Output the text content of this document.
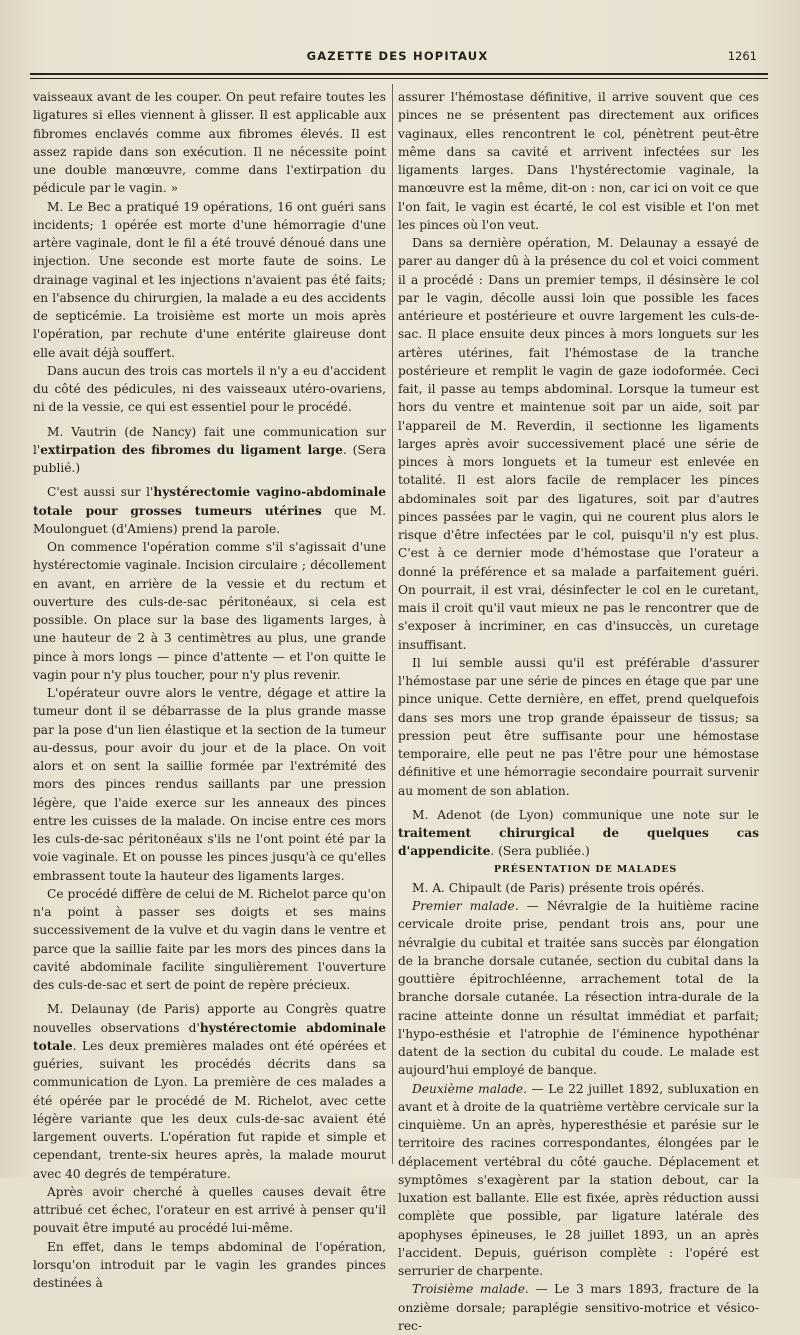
GAZETTE DES HOPITAUX	1261

vaisseaux avant de les couper. On peut refaire toutes les ligatures si elles viennent à glisser. Il est applicable aux fibromes enclavés comme aux fibromes élevés. Il est assez rapide dans son exécution. Il ne nécessite point une double manœuvre, comme dans l'extirpation du pédicule par le vagin. »

M. Le Bec a pratiqué 19 opérations, 16 ont guéri sans incidents; 1 opérée est morte d'une hémorragie d'une artère vaginale, dont le fil a été trouvé dénoué dans une injection. Une seconde est morte faute de soins. Le drainage vaginal et les injections n'avaient pas été faits; en l'absence du chirurgien, la malade a eu des accidents de septicémie. La troisième est morte un mois après l'opération, par rechute d'une entérite glaireuse dont elle avait déjà souffert.

Dans aucun des trois cas mortels il n'y a eu d'accident du côté des pédicules, ni des vaisseaux utéro-ovariens, ni de la vessie, ce qui est essentiel pour le procédé.

M. Vautrin (de Nancy) fait une communication sur l'extirpation des fibromes du ligament large. (Sera publié.)

C'est aussi sur l'hystérectomie vagino-abdominale totale pour grosses tumeurs utérines que M. Moulonguet (d'Amiens) prend la parole.

On commence l'opération comme s'il s'agissait d'une hystérectomie vaginale. Incision circulaire ; décollement en avant, en arrière de la vessie et du rectum et ouverture des culs-de-sac péritonéaux, si cela est possible. On place sur la base des ligaments larges, à une hauteur de 2 à 3 centimètres au plus, une grande pince à mors longs — pince d'attente — et l'on quitte le vagin pour n'y plus toucher, pour n'y plus revenir.

L'opérateur ouvre alors le ventre, dégage et attire la tumeur dont il se débarrasse de la plus grande masse par la pose d'un lien élastique et la section de la tumeur au-dessus, pour avoir du jour et de la place. On voit alors et on sent la saillie formée par l'extrémité des mors des pinces rendus saillants par une pression légère, que l'aide exerce sur les anneaux des pinces entre les cuisses de la malade. On incise entre ces mors les culs-de-sac péritonéaux s'ils ne l'ont point été par la voie vaginale. Et on pousse les pinces jusqu'à ce qu'elles embrassent toute la hauteur des ligaments larges.

Ce procédé diffère de celui de M. Richelot parce qu'on n'a point à passer ses doigts et ses mains successivement de la vulve et du vagin dans le ventre et parce que la saillie faite par les mors des pinces dans la cavité abdominale facilite singulièrement l'ouverture des culs-de-sac et sert de point de repère précieux.

M. Delaunay (de Paris) apporte au Congrès quatre nouvelles observations d'hystérectomie abdominale totale. Les deux premières malades ont été opérées et guéries, suivant les procédés décrits dans sa communication de Lyon. La première de ces malades a été opérée par le procédé de M. Richelot, avec cette légère variante que les deux culs-de-sac avaient été largement ouverts. L'opération fut rapide et simple et cependant, trente-six heures après, la malade mourut avec 40 degrés de température.

Après avoir cherché à quelles causes devait être attribué cet échec, l'orateur en est arrivé à penser qu'il pouvait être imputé au procédé lui-même.

En effet, dans le temps abdominal de l'opération, lorsqu'on introduit par le vagin les grandes pinces destinées à

assurer l'hémostase définitive, il arrive souvent que ces pinces ne se présentent pas directement aux orifices vaginaux, elles rencontrent le col, pénètrent peut-être même dans sa cavité et arrivent infectées sur les ligaments larges. Dans l'hystérectomie vaginale, la manœuvre est la même, dit-on : non, car ici on voit ce que l'on fait, le vagin est écarté, le col est visible et l'on met les pinces où l'on veut.

Dans sa dernière opération, M. Delaunay a essayé de parer au danger dû à la présence du col et voici comment il a procédé : Dans un premier temps, il désinsère le col par le vagin, décolle aussi loin que possible les faces antérieure et postérieure et ouvre largement les culs-de-sac. Il place ensuite deux pinces à mors longuets sur les artères utérines, fait l'hémostase de la tranche postérieure et remplit le vagin de gaze iodoformée. Ceci fait, il passe au temps abdominal. Lorsque la tumeur est hors du ventre et maintenue soit par un aide, soit par l'appareil de M. Reverdin, il sectionne les ligaments larges après avoir successivement placé une série de pinces à mors longuets et la tumeur est enlevée en totalité. Il est alors facile de remplacer les pinces abdominales soit par des ligatures, soit par d'autres pinces passées par le vagin, qui ne courent plus alors le risque d'être infectées par le col, puisqu'il n'y est plus. C'est à ce dernier mode d'hémostase que l'orateur a donné la préférence et sa malade a parfaitement guéri. On pourrait, il est vrai, désinfecter le col en le curetant, mais il croit qu'il vaut mieux ne pas le rencontrer que de s'exposer à incriminer, en cas d'insuccès, un curetage insuffisant.

Il lui semble aussi qu'il est préférable d'assurer l'hémostase par une série de pinces en étage que par une pince unique. Cette dernière, en effet, prend quelquefois dans ses mors une trop grande épaisseur de tissus; sa pression peut être suffisante pour une hémostase temporaire, elle peut ne pas l'être pour une hémostase définitive et une hémorragie secondaire pourrait survenir au moment de son ablation.

M. Adenot (de Lyon) communique une note sur le traitement chirurgical de quelques cas d'appendicite. (Sera publiée.)

PRÉSENTATION DE MALADES

M. A. Chipault (de Paris) présente trois opérés.

Premier malade. — Névralgie de la huitième racine cervicale droite prise, pendant trois ans, pour une névralgie du cubital et traitée sans succès par élongation de la branche dorsale cutanée, section du cubital dans la gouttière épitrochléenne, arrachement total de la branche dorsale cutanée. La résection intra-durale de la racine atteinte donne un résultat immédiat et parfait; l'hypo-esthésie et l'atrophie de l'éminence hypothénar datent de la section du cubital du coude. Le malade est aujourd'hui employé de banque.

Deuxième malade. — Le 22 juillet 1892, subluxation en avant et à droite de la quatrième vertèbre cervicale sur la cinquième. Un an après, hyperesthésie et parésie sur le territoire des racines correspondantes, élongées par le déplacement vertébral du côté gauche. Déplacement et symptômes s'exagèrent par la station debout, car la luxation est ballante. Elle est fixée, après réduction aussi complète que possible, par ligature latérale des apophyses épineuses, le 28 juillet 1893, un an après l'accident. Depuis, guérison complète : l'opéré est serrurier de charpente.

Troisième malade. — Le 3 mars 1893, fracture de la onzième dorsale; paraplégie sensitivo-motrice et vésico-rec-
